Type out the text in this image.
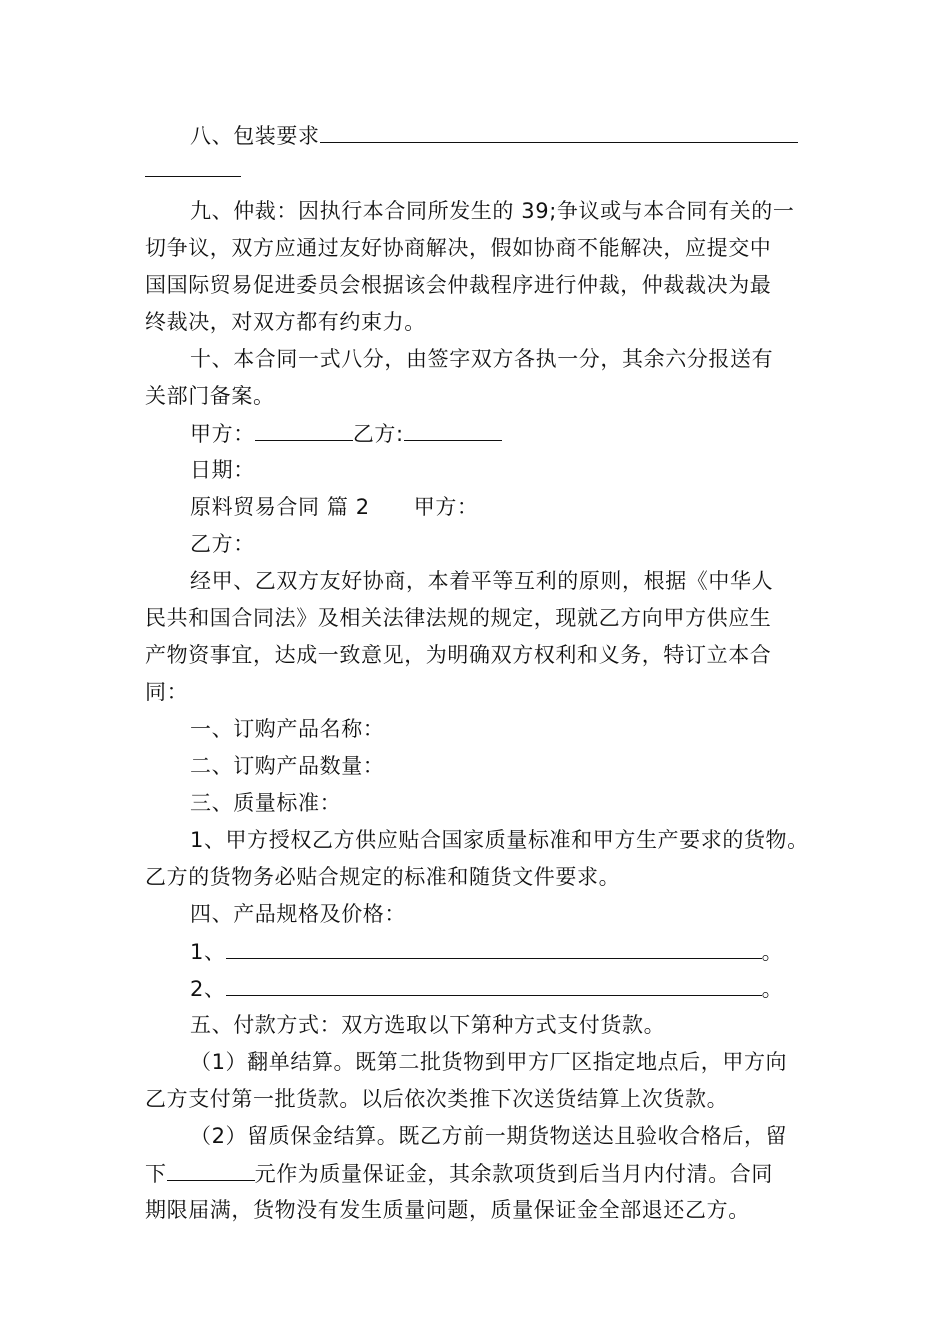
八、包装要求
九、仲裁：因执行本合同所发生的 39;争议或与本合同有关的一
切争议，双方应通过友好协商解决，假如协商不能解决，应提交中
国国际贸易促进委员会根据该会仲裁程序进行仲裁，仲裁裁决为最
终裁决，对双方都有约束力。
十、本合同一式八分，由签字双方各执一分，其余六分报送有
关部门备案。
甲方：	乙方:
日期：
原料贸易合同 篇 2 甲方：
乙方：
经甲、乙双方友好协商，本着平等互利的原则，根据《中华人
民共和国合同法》及相关法律法规的规定，现就乙方向甲方供应生
产物资事宜，达成一致意见，为明确双方权利和义务，特订立本合
同：
一、订购产品名称：
二、订购产品数量：
三、质量标准：
1、甲方授权乙方供应贴合国家质量标准和甲方生产要求的货物。
乙方的货物务必贴合规定的标准和随货文件要求。
四、产品规格及价格：
1、	。
2、	。
五、付款方式：双方选取以下第种方式支付货款。
（1）翻单结算。既第二批货物到甲方厂区指定地点后，甲方向
乙方支付第一批货款。以后依次类推下次送货结算上次货款。
（2）留质保金结算。既乙方前一期货物送达且验收合格后，留
下	元作为质量保证金，其余款项货到后当月内付清。合同
期限届满，货物没有发生质量问题，质量保证金全部退还乙方。
